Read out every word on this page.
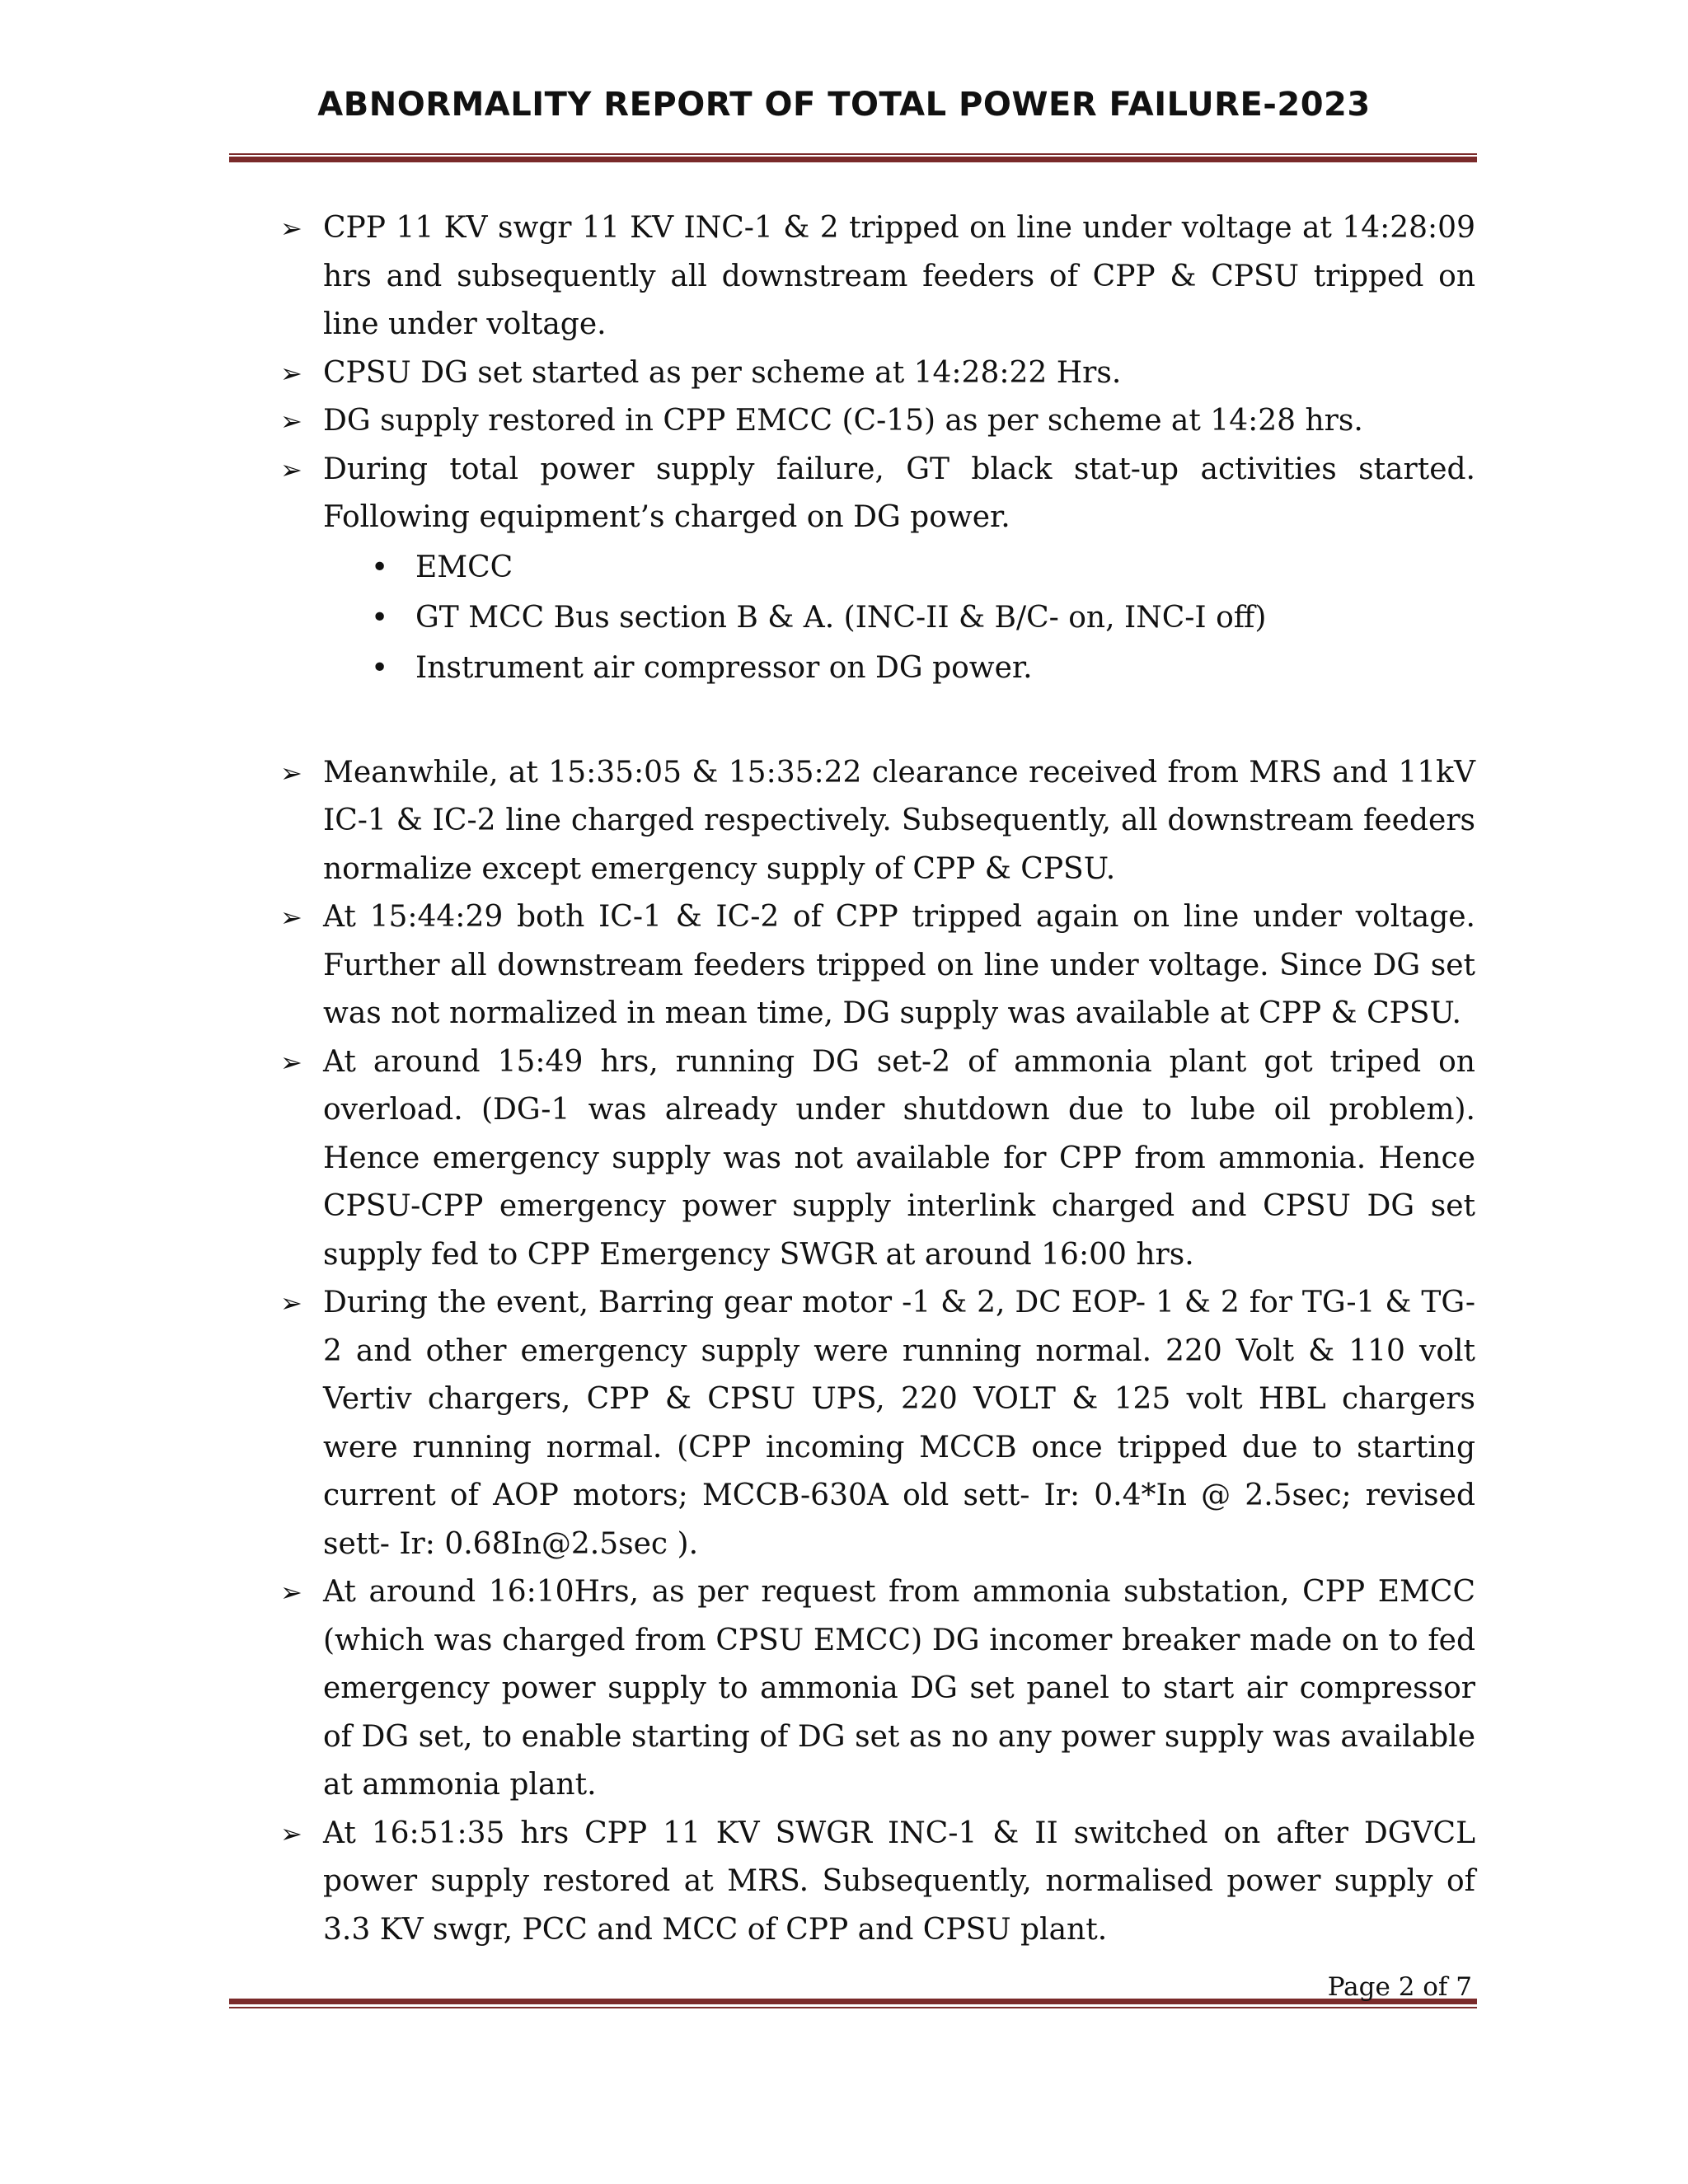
ABNORMALITY REPORT OF TOTAL POWER FAILURE-2023
➢ CPP 11 KV swgr 11 KV INC-1 & 2 tripped on line under voltage at 14:28:09 hrs and subsequently all downstream feeders of CPP & CPSU tripped on line under voltage.
➢ CPSU DG set started as per scheme at 14:28:22 Hrs.
➢ DG supply restored in CPP EMCC (C-15) as per scheme at 14:28 hrs.
➢ During total power supply failure, GT black stat-up activities started. Following equipment’s charged on DG power.
• EMCC
• GT MCC Bus section B & A. (INC-II & B/C- on, INC-I off)
• Instrument air compressor on DG power.
➢ Meanwhile, at 15:35:05 & 15:35:22 clearance received from MRS and 11kV IC-1 & IC-2 line charged respectively. Subsequently, all downstream feeders normalize except emergency supply of CPP & CPSU.
➢ At 15:44:29 both IC-1 & IC-2 of CPP tripped again on line under voltage. Further all downstream feeders tripped on line under voltage. Since DG set was not normalized in mean time, DG supply was available at CPP & CPSU.
➢ At around 15:49 hrs, running DG set-2 of ammonia plant got triped on overload. (DG-1 was already under shutdown due to lube oil problem). Hence emergency supply was not available for CPP from ammonia. Hence CPSU-CPP emergency power supply interlink charged and CPSU DG set supply fed to CPP Emergency SWGR at around 16:00 hrs.
➢ During the event, Barring gear motor -1 & 2, DC EOP- 1 & 2 for TG-1 & TG-2 and other emergency supply were running normal. 220 Volt & 110 volt Vertiv chargers, CPP & CPSU UPS, 220 VOLT & 125 volt HBL chargers were running normal. (CPP incoming MCCB once tripped due to starting current of AOP motors; MCCB-630A old sett- Ir: 0.4*In @ 2.5sec; revised sett- Ir: 0.68In@2.5sec ).
➢ At around 16:10Hrs, as per request from ammonia substation, CPP EMCC (which was charged from CPSU EMCC) DG incomer breaker made on to fed emergency power supply to ammonia DG set panel to start air compressor of DG set, to enable starting of DG set as no any power supply was available at ammonia plant.
➢ At 16:51:35 hrs CPP 11 KV SWGR INC-1 & II switched on after DGVCL power supply restored at MRS. Subsequently, normalised power supply of 3.3 KV swgr, PCC and MCC of CPP and CPSU plant.
Page 2 of 7
